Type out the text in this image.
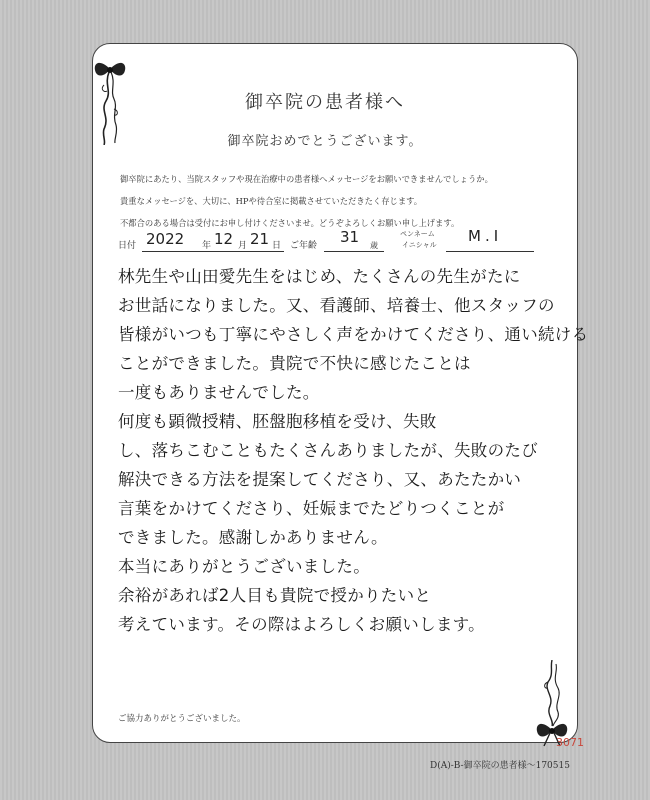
御卒院の患者様へ
御卒院おめでとうございます。
御卒院にあたり、当院スタッフや現在治療中の患者様へメッセージをお願いできませんでしょうか。
貴重なメッセージを、大切に、HPや待合室に掲載させていただきたく存じます。
不都合のある場合は受付にお申し付けくださいませ。どうぞよろしくお願い申し上げます。
日付 2022 年 12 月 21 日 ご年齢 31 歳
ペンネーム
イニシャル M.I
林先生や山田愛先生をはじめ、たくさんの先生がたに
お世話になりました。又、看護師、培養士、他スタッフの
皆様がいつも丁寧にやさしく声をかけてくださり、通い続ける
ことができました。貴院で不快に感じたことは
一度もありませんでした。
何度も顕微授精、胚盤胞移植を受け、失敗
し、落ちこむこともたくさんありましたが、失敗のたび
解決できる方法を提案してくださり、又、あたたかい
言葉をかけてくださり、妊娠までたどりつくことが
できました。感謝しかありません。
本当にありがとうございました。
余裕があれば2人目も貴院で授かりたいと
考えています。その際はよろしくお願いします。
ご協力ありがとうございました。
3071
D(A)-B-御卒院の患者様～170515
